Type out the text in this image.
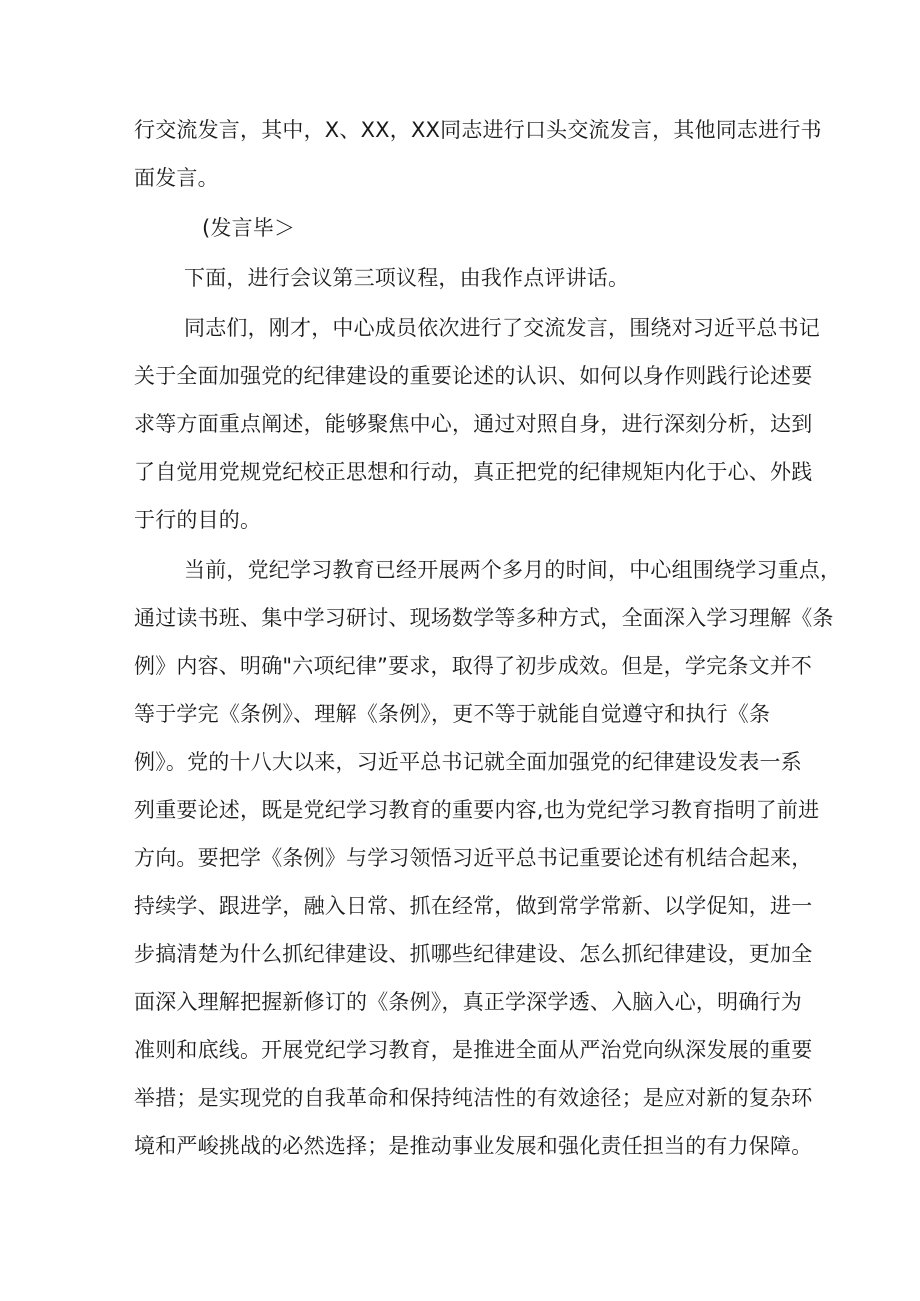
行交流发言，其中，X、XX，XX同志进行口头交流发言，其他同志进行书
面发言。
(发言毕＞
下面，进行会议第三项议程，由我作点评讲话。
同志们，刚才，中心成员依次进行了交流发言，围绕对习近平总书记
关于全面加强党的纪律建设的重要论述的认识、如何以身作则践行论述要
求等方面重点阐述，能够聚焦中心，通过对照自身，进行深刻分析，达到
了自觉用党规党纪校正思想和行动，真正把党的纪律规矩内化于心、外践
于行的目的。
当前，党纪学习教育已经开展两个多月的时间，中心组围绕学习重点，
通过读书班、集中学习研讨、现场数学等多种方式，全面深入学习理解《条
例》内容、明确"六项纪律”要求，取得了初步成效。但是，学完条文并不
等于学完《条例》、理解《条例》，更不等于就能自觉遵守和执行《条
例》。党的十八大以来，习近平总书记就全面加强党的纪律建设发表一系
列重要论述，既是党纪学习教育的重要内容,也为党纪学习教育指明了前进
方向。要把学《条例》与学习领悟习近平总书记重要论述有机结合起来，
持续学、跟进学，融入日常、抓在经常，做到常学常新、以学促知，进一
步搞清楚为什么抓纪律建设、抓哪些纪律建设、怎么抓纪律建设，更加全
面深入理解把握新修订的《条例》，真正学深学透、入脑入心，明确行为
准则和底线。开展党纪学习教育，是推进全面从严治党向纵深发展的重要
举措；是实现党的自我革命和保持纯洁性的有效途径；是应对新的复杂环
境和严峻挑战的必然选择；是推动事业发展和强化责任担当的有力保障。
